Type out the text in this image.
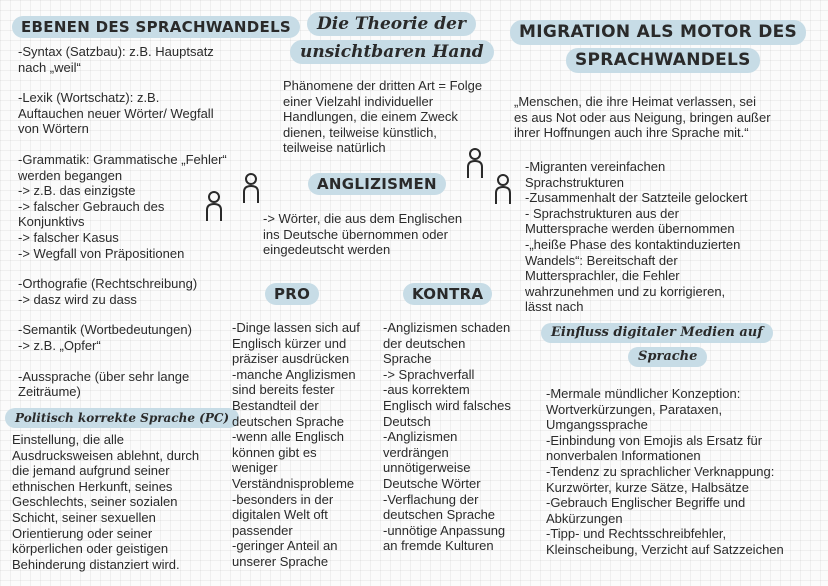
EBENEN DES SPRACHWANDELS	Die Theorie der
unsichtbaren Hand
MIGRATION ALS MOTOR DES
SPRACHWANDELS
ANGLIZISMEN
PRO	KONTRA
Politisch korrekte Sprache (PC)
Einfluss digitaler Medien auf
Sprache
-Syntax (Satzbau): z.B. Hauptsatz
nach „weil“
-Lexik (Wortschatz): z.B.
Auftauchen neuer Wörter/ Wegfall
von Wörtern
-Grammatik: Grammatische „Fehler“
werden begangen
-> z.B. das einzigste
-> falscher Gebrauch des
Konjunktivs
-> falscher Kasus
-> Wegfall von Präpositionen
-Orthografie (Rechtschreibung)
-> dasz wird zu dass
-Semantik (Wortbedeutungen)
-> z.B. „Opfer“
-Aussprache (über sehr lange
Zeiträume)
Einstellung, die alle
Ausdrucksweisen ablehnt, durch
die jemand aufgrund seiner
ethnischen Herkunft, seines
Geschlechts, seiner sozialen
Schicht, seiner sexuellen
Orientierung oder seiner
körperlichen oder geistigen
Behinderung distanziert wird.
Phänomene der dritten Art = Folge
einer Vielzahl individueller
Handlungen, die einem Zweck
dienen, teilweise künstlich,
teilweise natürlich
-> Wörter, die aus dem Englischen
ins Deutsche übernommen oder
eingedeutscht werden
-Dinge lassen sich auf
Englisch kürzer und
präziser ausdrücken
-manche Anglizismen
sind bereits fester
Bestandteil der
deutschen Sprache
-wenn alle Englisch
können gibt es
weniger
Verständnisprobleme
-besonders in der
digitalen Welt oft
passender
-geringer Anteil an
unserer Sprache
-Anglizismen schaden
der deutschen
Sprache
-> Sprachverfall
-aus korrektem
Englisch wird falsches
Deutsch
-Anglizismen
verdrängen
unnötigerweise
Deutsche Wörter
-Verflachung der
deutschen Sprache
-unnötige Anpassung
an fremde Kulturen
„Menschen, die ihre Heimat verlassen, sei
es aus Not oder aus Neigung, bringen außer
ihrer Hoffnungen auch ihre Sprache mit.“
-Migranten vereinfachen
Sprachstrukturen
-Zusammenhalt der Satzteile gelockert
- Sprachstrukturen aus der
Muttersprache werden übernommen
-„heiße Phase des kontaktinduzierten
Wandels“: Bereitschaft der
Muttersprachler, die Fehler
wahrzunehmen und zu korrigieren,
lässt nach
-Mermale mündlicher Konzeption:
Wortverkürzungen, Parataxen,
Umgangssprache
-Einbindung von Emojis als Ersatz für
nonverbalen Informationen
-Tendenz zu sprachlicher Verknappung:
Kurzwörter, kurze Sätze, Halbsätze
-Gebrauch Englischer Begriffe und
Abkürzungen
-Tipp- und Rechtsschreibfehler,
Kleinscheibung, Verzicht auf Satzzeichen
